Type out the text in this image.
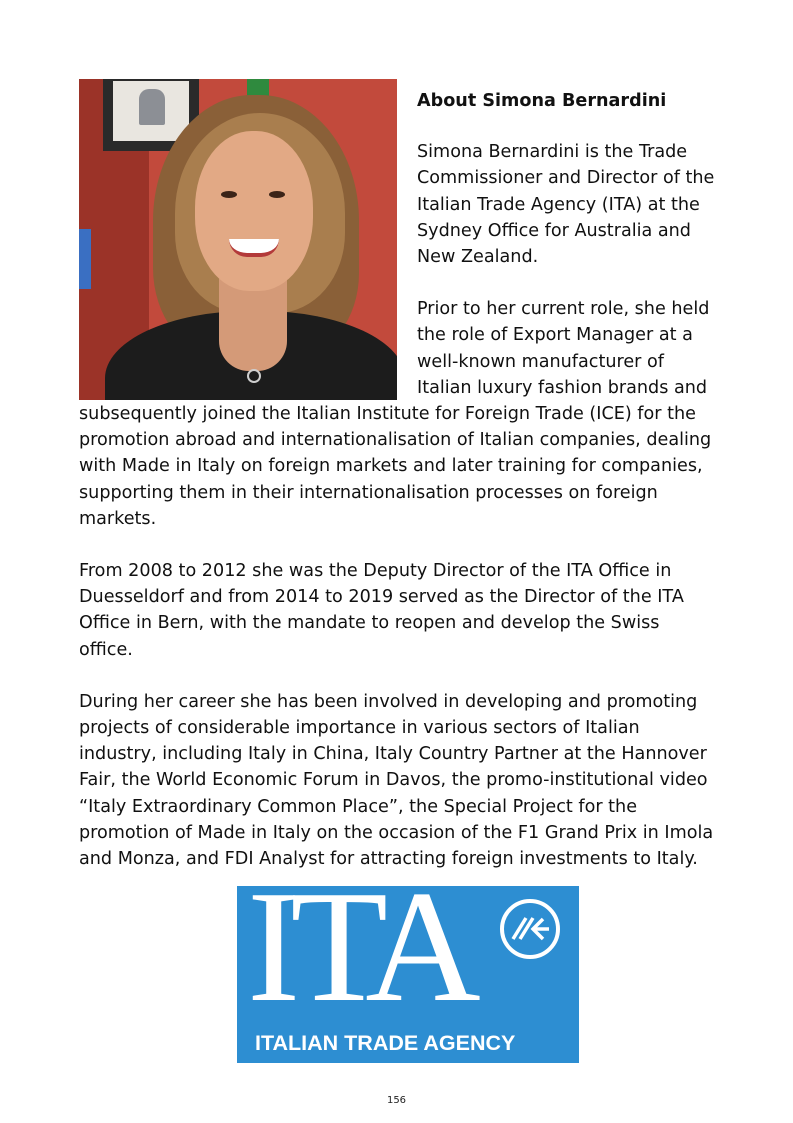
About Simona Bernardini

Simona Bernardini is the Trade Commissioner and Director of the Italian Trade Agency (ITA) at the Sydney Office for Australia and New Zealand.

Prior to her current role, she held the role of Export Manager at a well-known manufacturer of Italian luxury fashion brands and subsequently joined the Italian Institute for Foreign Trade (ICE) for the promotion abroad and internationalisation of Italian companies, dealing with Made in Italy on foreign markets and later training for companies, supporting them in their internationalisation processes on foreign markets.

From 2008 to 2012 she was the Deputy Director of the ITA Office in Duesseldorf and from 2014 to 2019 served as the Director of the ITA Office in Bern, with the mandate to reopen and develop the Swiss office.

During her career she has been involved in developing and promoting projects of considerable importance in various sectors of Italian industry, including Italy in China, Italy Country Partner at the Hannover Fair, the World Economic Forum in Davos, the promo-institutional video “Italy Extraordinary Common Place”, the Special Project for the promotion of Made in Italy on the occasion of the F1 Grand Prix in Imola and Monza, and FDI Analyst for attracting foreign investments to Italy.

ITA
ITALIAN TRADE AGENCY
156
